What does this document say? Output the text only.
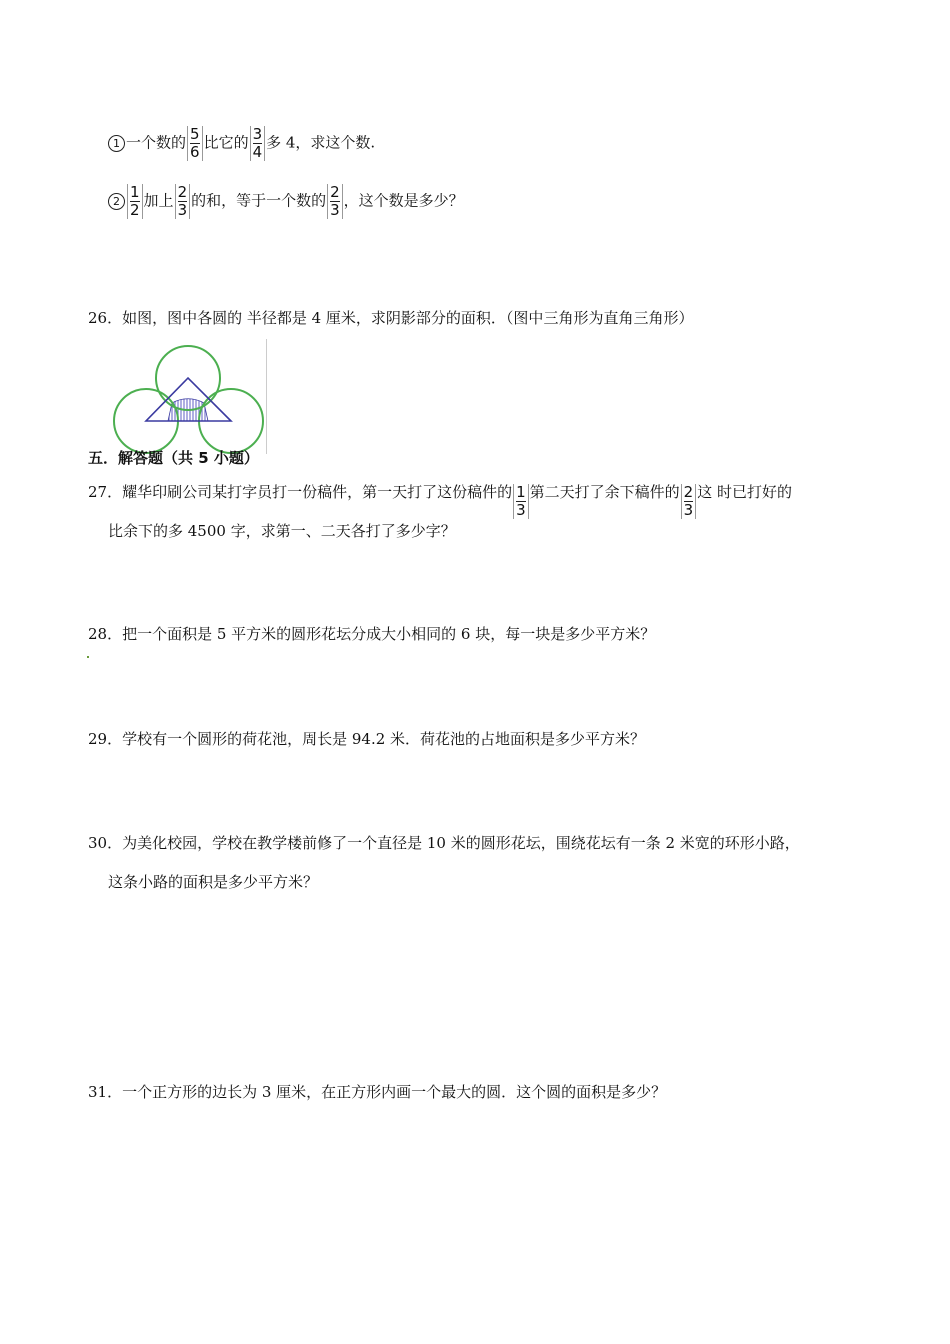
1 一个数的 $\frac{5}{6}$ 比它的 $\frac{3}{4}$ 多 4，求这个数.
$2 \frac{1}{2}$ 加上 $\frac{2}{3}$ 的和，等于一个数的 $\frac{2}{3}$ ，这个数是多少？
26．如图，图中各圆的 半径都是 4 厘米，求阴影部分的面积．（图中三角形为直角三角形）
五．解答题（共 5 小题）
27．耀华印刷公司某打字员打一份稿件，第一天打了这份稿件的 $\frac{1}{3}$ 第二天打了余下稿件的 $\frac{2}{3}$ 这 时已打好的
比余下的多 4500 字，求第一、二天各打了多少字？
28．把一个面积是 5 平方米的圆形花坛分成大小相同的 6 块，每一块是多少平方米？
29．学校有一个圆形的荷花池，周长是 94.2 米．荷花池的占地面积是多少平方米？
30．为美化校园，学校在教学楼前修了一个直径是 10 米的圆形花坛，围绕花坛有一条 2 米宽的环形小路，
这条小路的面积是多少平方米？
31．一个正方形的边长为 3 厘米，在正方形内画一个最大的圆．这个圆的面积是多少？
